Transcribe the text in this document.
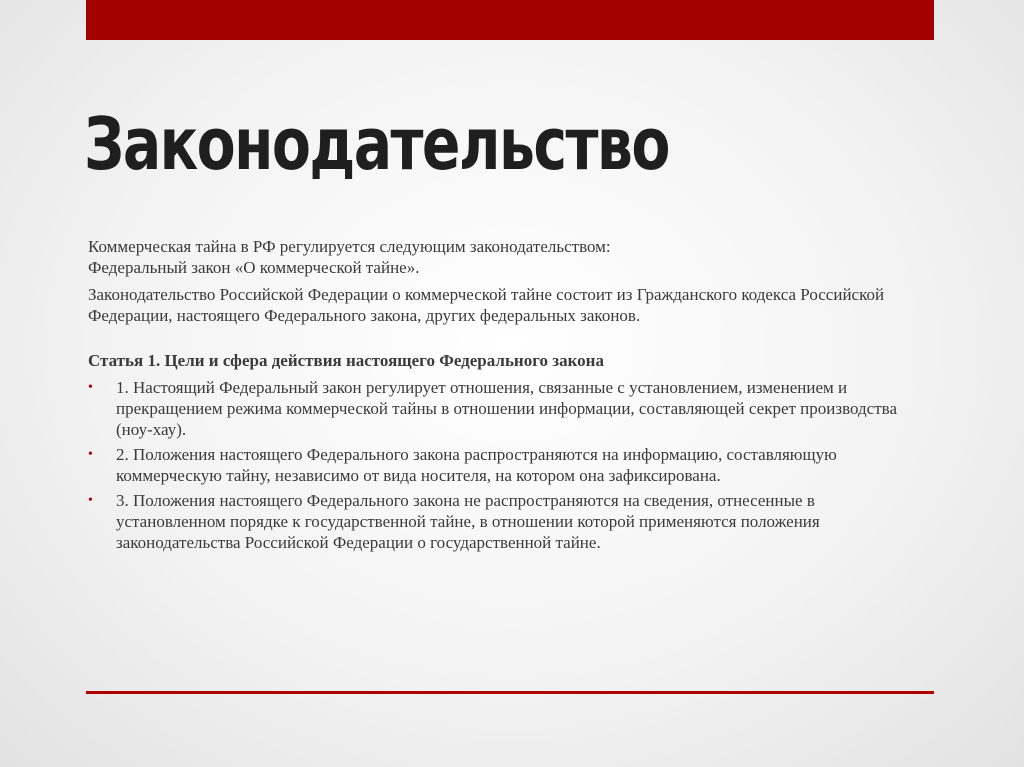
Законодательство

Коммерческая тайна в РФ регулируется следующим законодательством:
Федеральный закон «О коммерческой тайне».

Законодательство Российской Федерации о коммерческой тайне состоит из Гражданского кодекса Российской Федерации, настоящего Федерального закона, других федеральных законов.

Статья 1. Цели и сфера действия настоящего Федерального закона

• 1. Настоящий Федеральный закон регулирует отношения, связанные с установлением, изменением и прекращением режима коммерческой тайны в отношении информации, составляющей секрет производства (ноу-хау).
• 2. Положения настоящего Федерального закона распространяются на информацию, составляющую коммерческую тайну, независимо от вида носителя, на котором она зафиксирована.
• 3. Положения настоящего Федерального закона не распространяются на сведения, отнесенные в установленном порядке к государственной тайне, в отношении которой применяются положения законодательства Российской Федерации о государственной тайне.
